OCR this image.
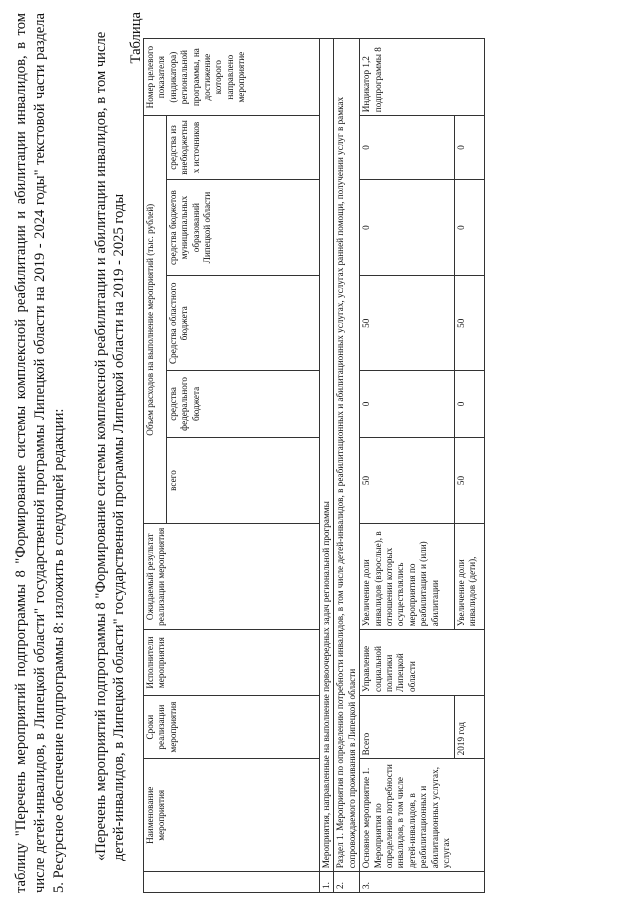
таблицу "Перечень мероприятий подпрограммы 8 "Формирование системы комплексной реабилитации и абилитации инвалидов, в том числе детей-инвалидов, в Липецкой области" государственной программы Липецкой области на 2019 - 2024 годы" текстовой части раздела 5. Ресурсное обеспечение подпрограммы 8: изложить в следующей редакции: «Перечень мероприятий подпрограммы 8 "Формирование системы комплексной реабилитации и абилитации инвалидов, в том числе детей-инвалидов, в Липецкой области" государственной программы Липецкой области на 2019 - 2025 годы
Таблица
	Наименование мероприятия	Сроки реализации мероприятия	Исполнители мероприятия	Ожидаемый результат реализации мероприятия	Объем расходов на выполнение мероприятий (тыс. рублей)					Номер целевого показателя (индикатора) региональной программы, на достижение которого направлено мероприятие
					всего	средства федерального бюджета	Средства областного бюджета	средства бюджетов муниципальных образований Липецкой области	средства из внебюджетных источников	
1.	Мероприятия, направленные на выполнение первоочередных задач региональной программы									
2.	Раздел 1. Мероприятия по определению потребности инвалидов, в том числе детей-инвалидов, в реабилитационных и абилитационных услугах, услугах ранней помощи, получении услуг в рамках сопровождаемого проживания в Липецкой области									
3.	Основное мероприятие 1. Мероприятия по определению потребности инвалидов, в том числе детей-инвалидов, в реабилитационных и абилитационных услугах, услугах	Всего	Управление социальной политики Липецкой области	Увеличение доли инвалидов (взрослые), в отношении которых осуществлялись мероприятия по реабилитации и (или) абилитации	50	0	50	0	0	Индикатор 1,2 подпрограммы 8
		2019 год		Увеличение доли инвалидов (дети),	50	0	50	0	0	
